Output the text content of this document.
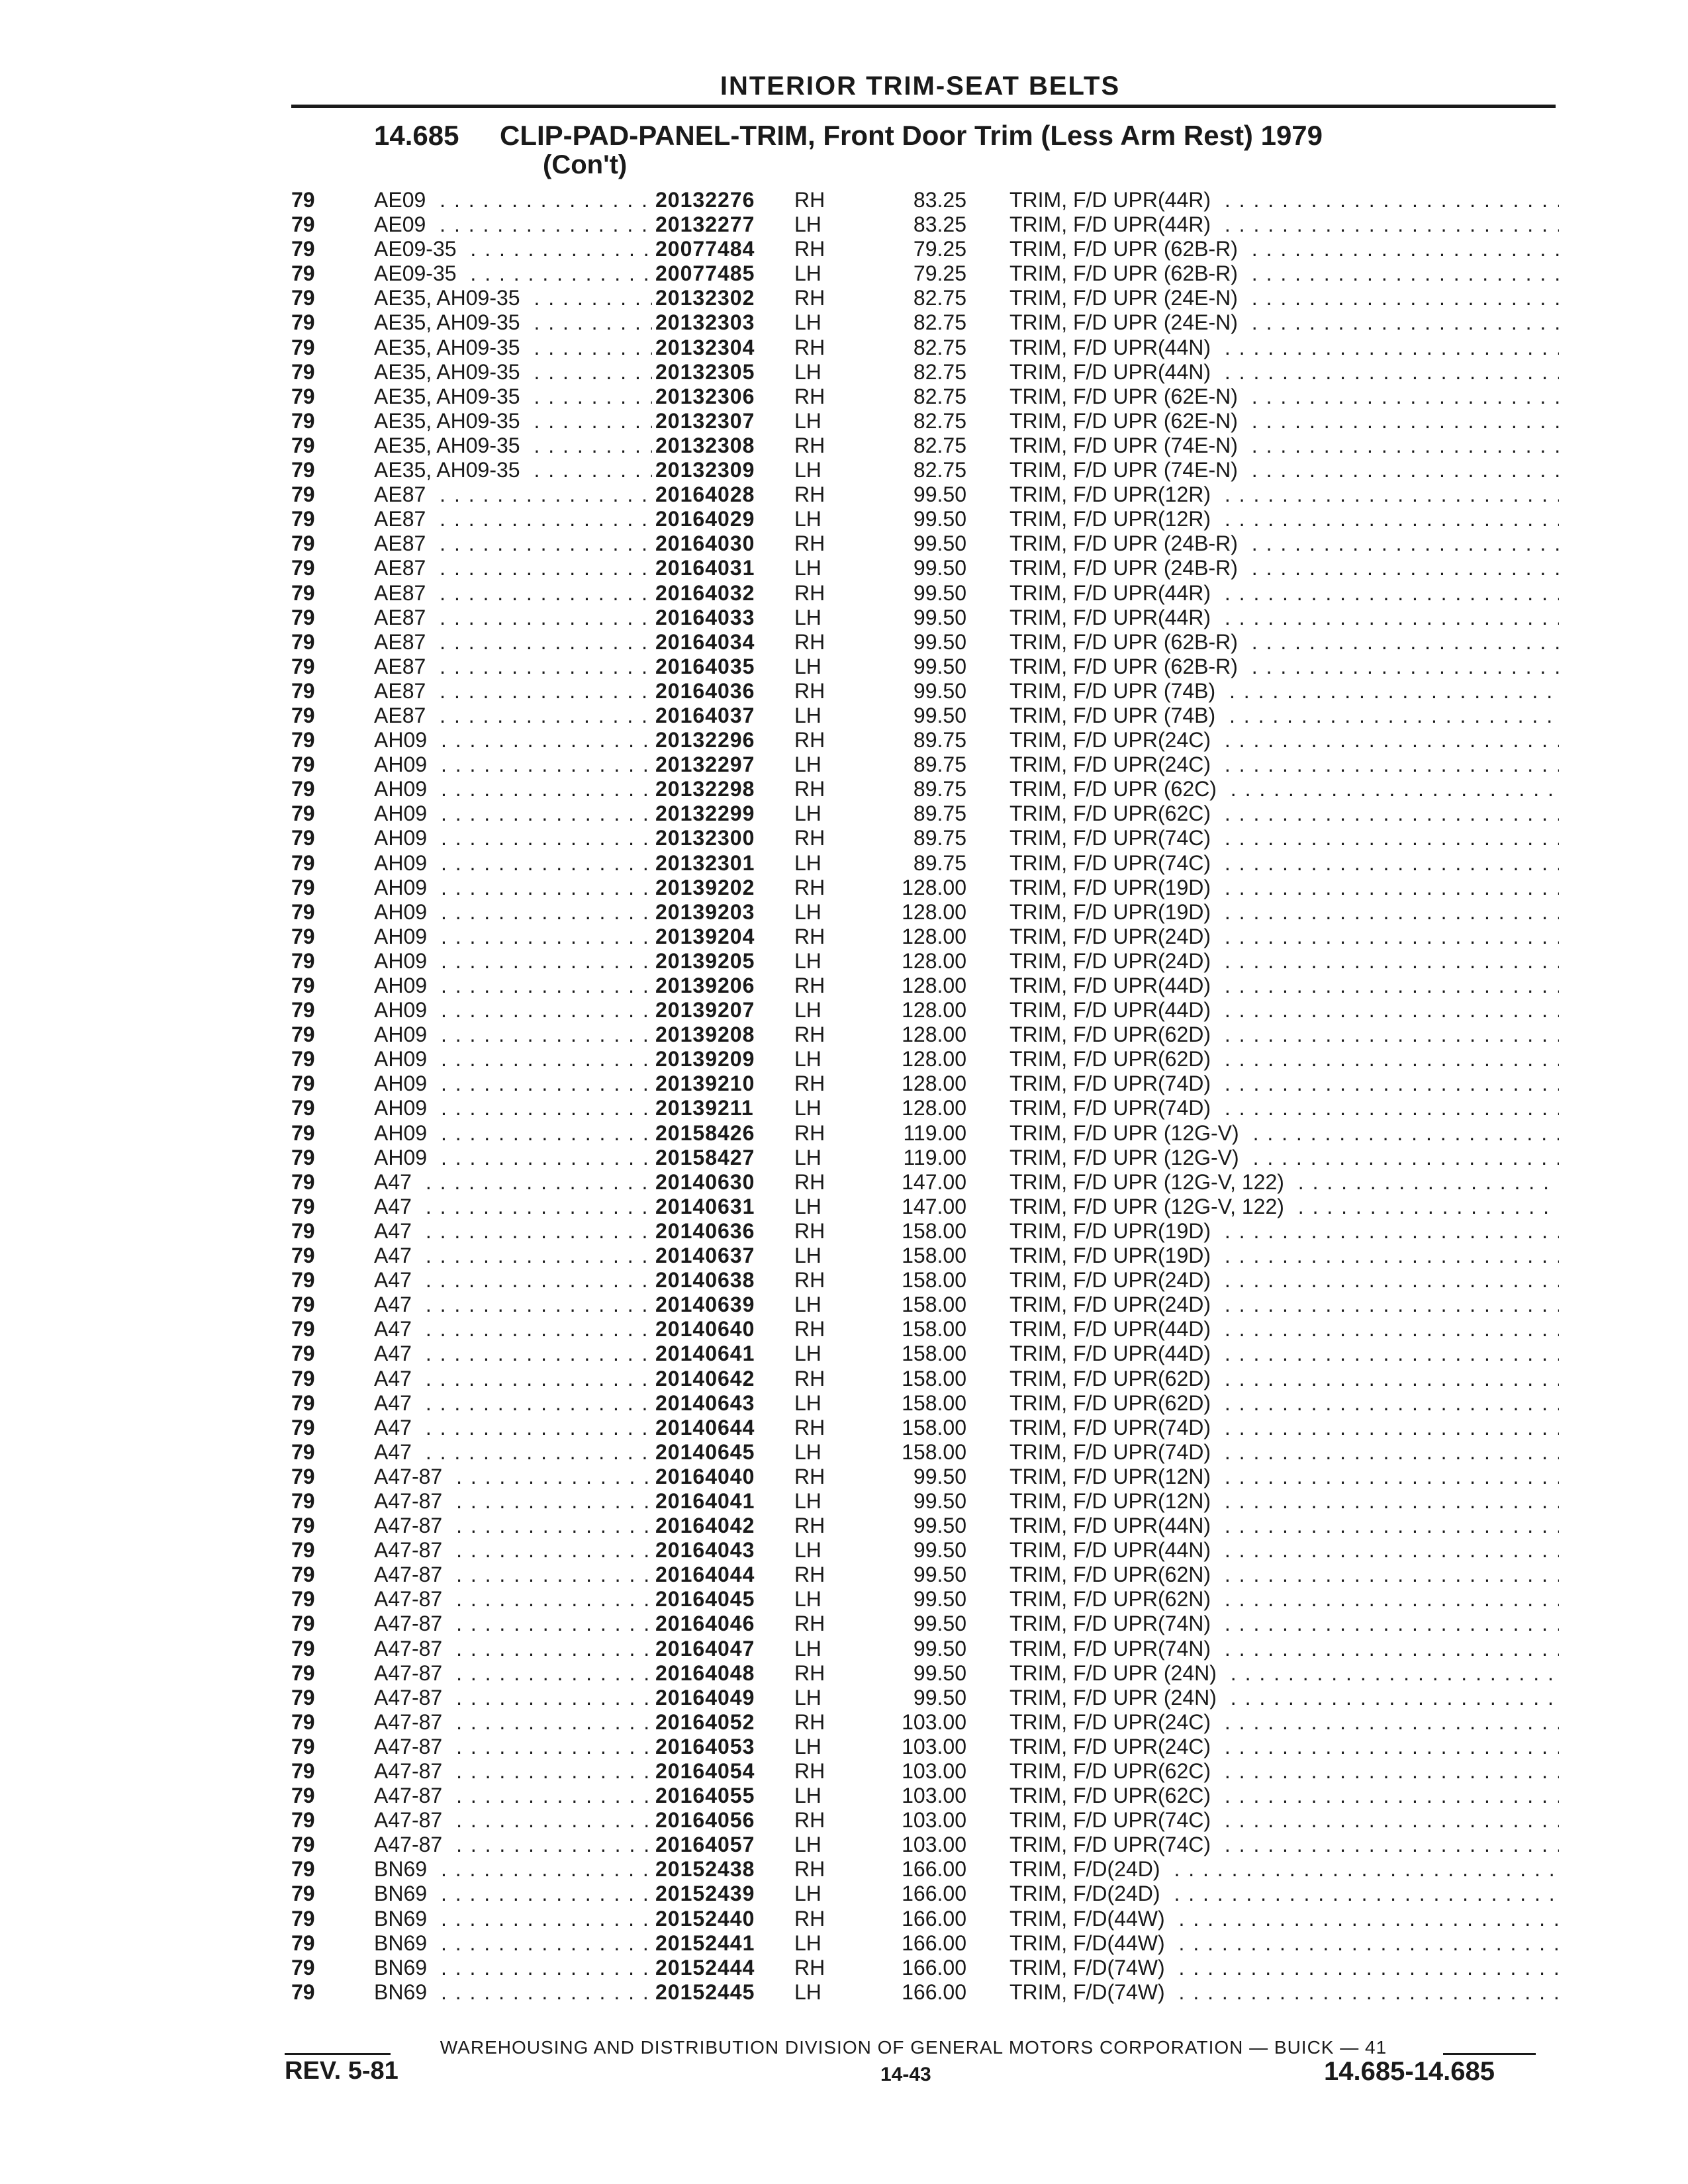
INTERIOR TRIM-SEAT BELTS
14.685 CLIP-PAD-PANEL-TRIM, Front Door Trim (Less Arm Rest) 1979
(Con't)
79	AE09 . . .	20132276 RH	83.25 TRIM, F/D UPR(44R) . . .
79	AE09 . . .	20132277 LH	83.25 TRIM, F/D UPR(44R) . . .
79	AE09-35 . . .	20077484 RH	79.25 TRIM, F/D UPR (62B-R) . . .
79	AE09-35 . . .	20077485 LH	79.25 TRIM, F/D UPR (62B-R) . . .
79	AE35, AH09-35 . . .	20132302 RH	82.75 TRIM, F/D UPR (24E-N) . . .
79	AE35, AH09-35 . . .	20132303 LH	82.75 TRIM, F/D UPR (24E-N) . . .
79	AE35, AH09-35 . . .	20132304 RH	82.75 TRIM, F/D UPR(44N) . . .
79	AE35, AH09-35 . . .	20132305 LH	82.75 TRIM, F/D UPR(44N) . . .
79	AE35, AH09-35 . . .	20132306 RH	82.75 TRIM, F/D UPR (62E-N) . . .
79	AE35, AH09-35 . . .	20132307 LH	82.75 TRIM, F/D UPR (62E-N) . . .
79	AE35, AH09-35 . . .	20132308 RH	82.75 TRIM, F/D UPR (74E-N) . . .
79	AE35, AH09-35 . . .	20132309 LH	82.75 TRIM, F/D UPR (74E-N) . . .
79	AE87 . . .	20164028 RH	99.50 TRIM, F/D UPR(12R) . . .
79	AE87 . . .	20164029 LH	99.50 TRIM, F/D UPR(12R) . . .
79	AE87 . . .	20164030 RH	99.50 TRIM, F/D UPR (24B-R) . . .
79	AE87 . . .	20164031 LH	99.50 TRIM, F/D UPR (24B-R) . . .
79	AE87 . . .	20164032 RH	99.50 TRIM, F/D UPR(44R) . . .
79	AE87 . . .	20164033 LH	99.50 TRIM, F/D UPR(44R) . . .
79	AE87 . . .	20164034 RH	99.50 TRIM, F/D UPR (62B-R) . . .
79	AE87 . . .	20164035 LH	99.50 TRIM, F/D UPR (62B-R) . . .
79	AE87 . . .	20164036 RH	99.50 TRIM, F/D UPR (74B) . . .
79	AE87 . . .	20164037 LH	99.50 TRIM, F/D UPR (74B) . . .
79	AH09 . . .	20132296 RH	89.75 TRIM, F/D UPR(24C) . . .
79	AH09 . . .	20132297 LH	89.75 TRIM, F/D UPR(24C) . . .
79	AH09 . . .	20132298 RH	89.75 TRIM, F/D UPR (62C) . . .
79	AH09 . . .	20132299 LH	89.75 TRIM, F/D UPR(62C) . . .
79	AH09 . . .	20132300 RH	89.75 TRIM, F/D UPR(74C) . . .
79	AH09 . . .	20132301 LH	89.75 TRIM, F/D UPR(74C) . . .
79	AH09 . . .	20139202 RH	128.00 TRIM, F/D UPR(19D) . . .
79	AH09 . . .	20139203 LH	128.00 TRIM, F/D UPR(19D) . . .
79	AH09 . . .	20139204 RH	128.00 TRIM, F/D UPR(24D) . . .
79	AH09 . . .	20139205 LH	128.00 TRIM, F/D UPR(24D) . . .
79	AH09 . . .	20139206 RH	128.00 TRIM, F/D UPR(44D) . . .
79	AH09 . . .	20139207 LH	128.00 TRIM, F/D UPR(44D) . . .
79	AH09 . . .	20139208 RH	128.00 TRIM, F/D UPR(62D) . . .
79	AH09 . . .	20139209 LH	128.00 TRIM, F/D UPR(62D) . . .
79	AH09 . . .	20139210 RH	128.00 TRIM, F/D UPR(74D) . . .
79	AH09 . . .	20139211 LH	128.00 TRIM, F/D UPR(74D) . . .
79	AH09 . . .	20158426 RH	119.00 TRIM, F/D UPR (12G-V) . . .
79	AH09 . . .	20158427 LH	119.00 TRIM, F/D UPR (12G-V) . . .
79	A47 . . .	20140630 RH	147.00 TRIM, F/D UPR (12G-V, 122) . . .
79	A47 . . .	20140631 LH	147.00 TRIM, F/D UPR (12G-V, 122) . . .
79	A47 . . .	20140636 RH	158.00 TRIM, F/D UPR(19D) . . .
79	A47 . . .	20140637 LH	158.00 TRIM, F/D UPR(19D) . . .
79	A47 . . .	20140638 RH	158.00 TRIM, F/D UPR(24D) . . .
79	A47 . . .	20140639 LH	158.00 TRIM, F/D UPR(24D) . . .
79	A47 . . .	20140640 RH	158.00 TRIM, F/D UPR(44D) . . .
79	A47 . . .	20140641 LH	158.00 TRIM, F/D UPR(44D) . . .
79	A47 . . .	20140642 RH	158.00 TRIM, F/D UPR(62D) . . .
79	A47 . . .	20140643 LH	158.00 TRIM, F/D UPR(62D) . . .
79	A47 . . .	20140644 RH	158.00 TRIM, F/D UPR(74D) . . .
79	A47 . . .	20140645 LH	158.00 TRIM, F/D UPR(74D) . . .
79	A47-87 . . .	20164040 RH	99.50 TRIM, F/D UPR(12N) . . .
79	A47-87 . . .	20164041 LH	99.50 TRIM, F/D UPR(12N) . . .
79	A47-87 . . .	20164042 RH	99.50 TRIM, F/D UPR(44N) . . .
79	A47-87 . . .	20164043 LH	99.50 TRIM, F/D UPR(44N) . . .
79	A47-87 . . .	20164044 RH	99.50 TRIM, F/D UPR(62N) . . .
79	A47-87 . . .	20164045 LH	99.50 TRIM, F/D UPR(62N) . . .
79	A47-87 . . .	20164046 RH	99.50 TRIM, F/D UPR(74N) . . .
79	A47-87 . . .	20164047 LH	99.50 TRIM, F/D UPR(74N) . . .
79	A47-87 . . .	20164048 RH	99.50 TRIM, F/D UPR (24N) . . .
79	A47-87 . . .	20164049 LH	99.50 TRIM, F/D UPR (24N) . . .
79	A47-87 . . .	20164052 RH	103.00 TRIM, F/D UPR(24C) . . .
79	A47-87 . . .	20164053 LH	103.00 TRIM, F/D UPR(24C) . . .
79	A47-87 . . .	20164054 RH	103.00 TRIM, F/D UPR(62C) . . .
79	A47-87 . . .	20164055 LH	103.00 TRIM, F/D UPR(62C) . . .
79	A47-87 . . .	20164056 RH	103.00 TRIM, F/D UPR(74C) . . .
79	A47-87 . . .	20164057 LH	103.00 TRIM, F/D UPR(74C) . . .
79	BN69 . . .	20152438 RH	166.00 TRIM, F/D(24D) . . .
79	BN69 . . .	20152439 LH	166.00 TRIM, F/D(24D) . . .
79	BN69 . . .	20152440 RH	166.00 TRIM, F/D(44W) . . .
79	BN69 . . .	20152441 LH	166.00 TRIM, F/D(44W) . . .
79	BN69 . . .	20152444 RH	166.00 TRIM, F/D(74W) . . .
79	BN69 . . .	20152445 LH	166.00 TRIM, F/D(74W) . . .
WAREHOUSING AND DISTRIBUTION DIVISION OF GENERAL MOTORS CORPORATION — BUICK — 41
REV. 5-81	14-43	14.685-14.685
